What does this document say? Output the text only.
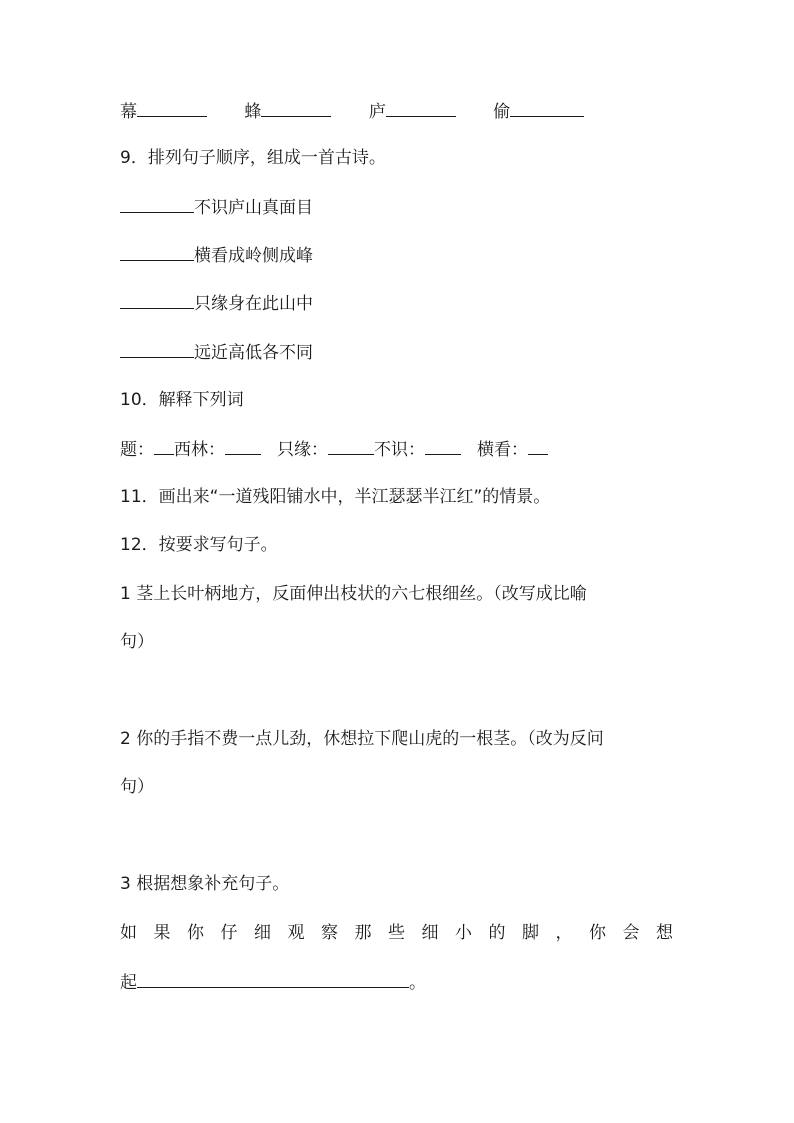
幕	蜂	庐	偷
9．排列句子顺序，组成一首古诗。
不识庐山真面目
横看成岭侧成峰
只缘身在此山中
远近高低各不同
10．解释下列词
题： 西林：	只缘：	不识：	横看：
11．画出来“一道残阳铺水中，半江瑟瑟半江红”的情景。
12．按要求写句子。
1 茎上长叶柄地方，反面伸出枝状的六七根细丝。（改写成比喻
句）
2 你的手指不费一点儿劲，休想拉下爬山虎的一根茎。（改为反问
句）
3 根据想象补充句子。
如 果 你 仔 细 观 察 那 些 细 小 的 脚 ， 你 会 想
起	。
